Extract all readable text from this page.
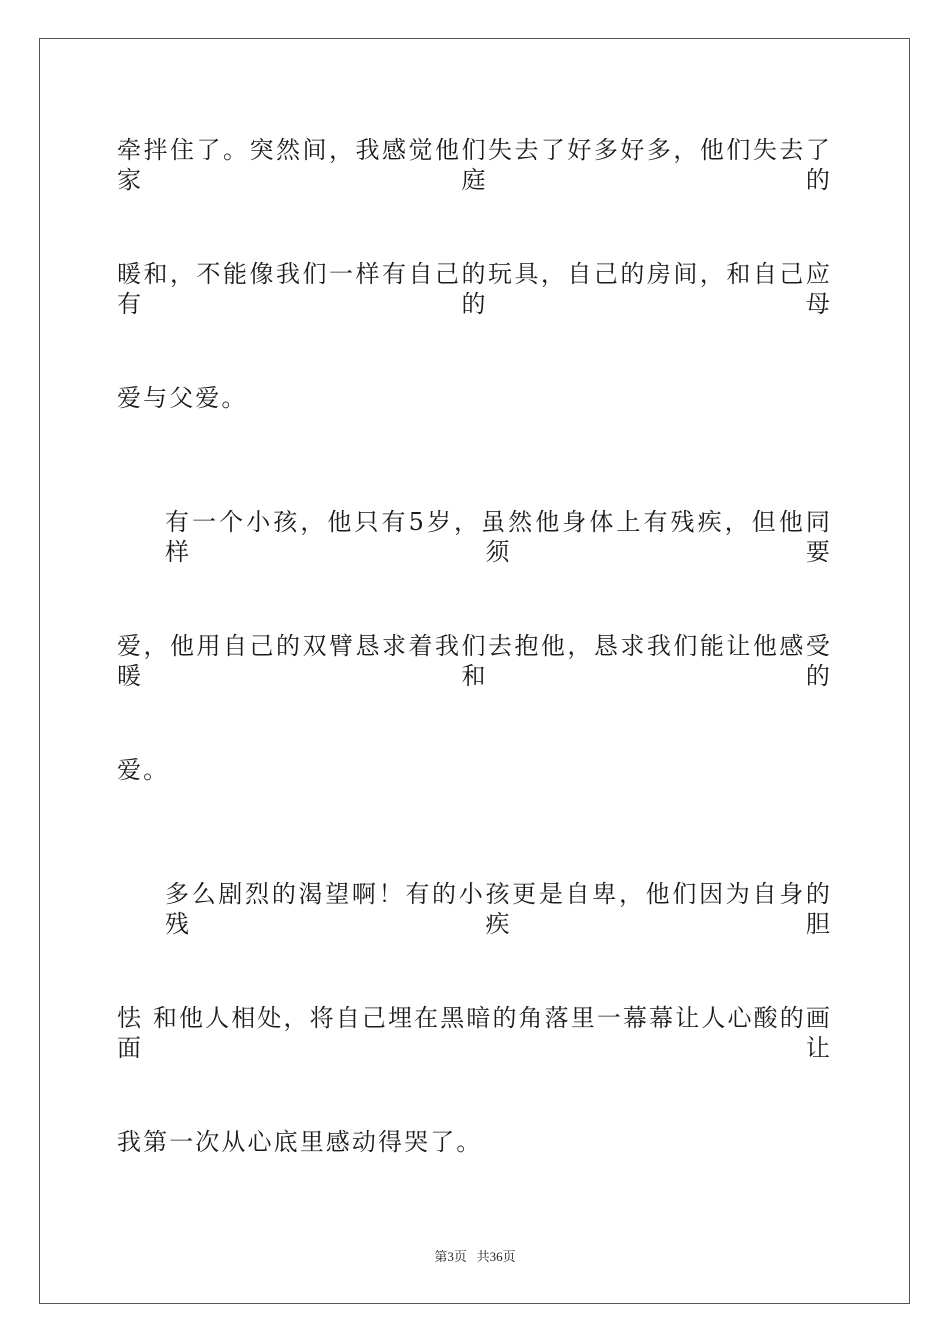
牵拌住了。突然间，我感觉他们失去了好多好多，他们失去了家庭的
暖和，不能像我们一样有自己的玩具，自己的房间，和自己应有的母
爱与父爱。
有一个小孩，他只有5岁，虽然他身体上有残疾，但他同样须要
爱，他用自己的双臂恳求着我们去抱他，恳求我们能让他感受暖和的
爱。
多么剧烈的渴望啊！有的小孩更是自卑，他们因为自身的残疾胆
怯 和他人相处，将自己埋在黑暗的角落里一幕幕让人心酸的画面让
我第一次从心底里感动得哭了。
第3页 共36页
